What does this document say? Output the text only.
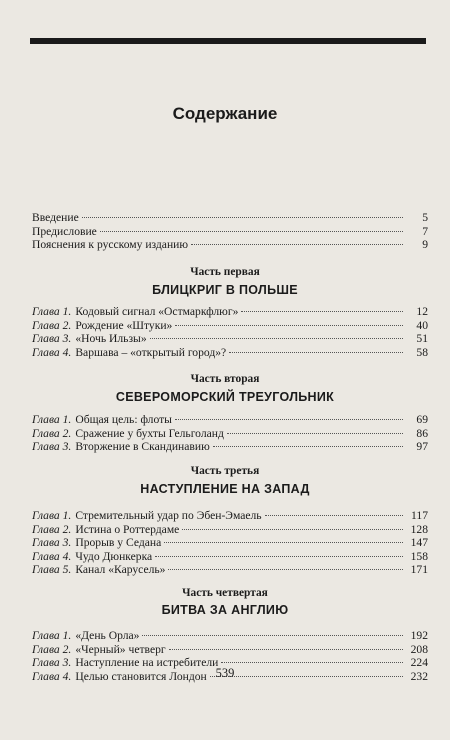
Содержание
Введение	5
Предисловие	7
Пояснения к русскому изданию	9
Часть первая
БЛИЦКРИГ В ПОЛЬШЕ
Глава 1. Кодовый сигнал «Остмаркфлюг»	12
Глава 2. Рождение «Штуки»	40
Глава 3. «Ночь Ильзы»	51
Глава 4. Варшава – «открытый город»?	58
Часть вторая
СЕВЕРОМОРСКИЙ ТРЕУГОЛЬНИК
Глава 1. Общая цель: флоты	69
Глава 2. Сражение у бухты Гельголанд	86
Глава 3. Вторжение в Скандинавию	97
Часть третья
НАСТУПЛЕНИЕ НА ЗАПАД
Глава 1. Стремительный удар по Эбен-Эмаель	117
Глава 2. Истина о Роттердаме	128
Глава 3. Прорыв у Седана	147
Глава 4. Чудо Дюнкерка	158
Глава 5. Канал «Карусель»	171
Часть четвертая
БИТВА ЗА АНГЛИЮ
Глава 1. «День Орла»	192
Глава 2. «Черный» четверг	208
Глава 3. Наступление на истребители	224
Глава 4. Целью становится Лондон	232
539
